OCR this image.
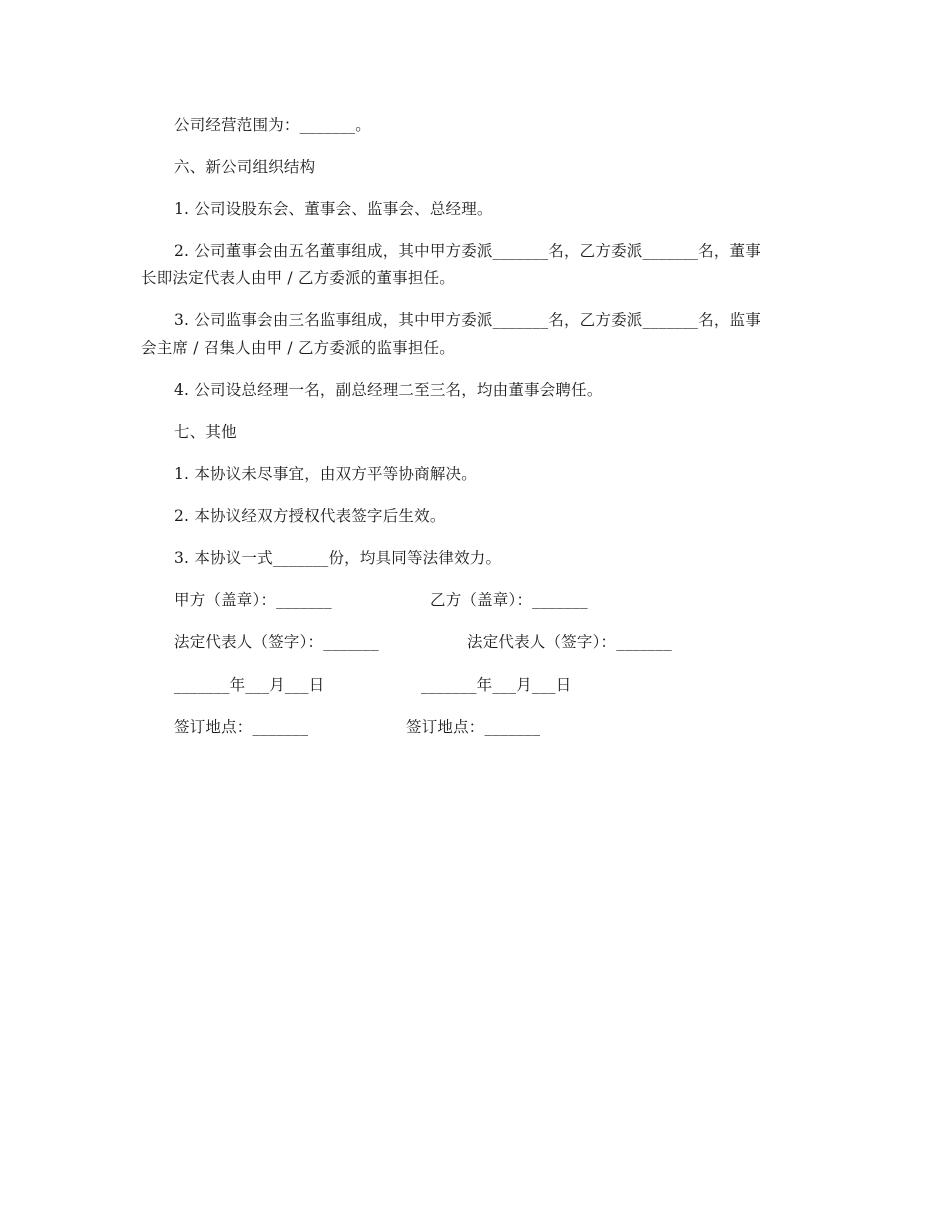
公司经营范围为：_______。
六、新公司组织结构
1. 公司设股东会、董事会、监事会、总经理。
2. 公司董事会由五名董事组成，其中甲方委派_______名，乙方委派_______名，董事
长即法定代表人由甲 / 乙方委派的董事担任。
3. 公司监事会由三名监事组成，其中甲方委派_______名，乙方委派_______名，监事
会主席 / 召集人由甲 / 乙方委派的监事担任。
4. 公司设总经理一名，副总经理二至三名，均由董事会聘任。
七、其他
1. 本协议未尽事宜，由双方平等协商解决。
2. 本协议经双方授权代表签字后生效。
3. 本协议一式_______份，均具同等法律效力。
甲方（盖章）：_______	乙方（盖章）：_______
法定代表人（签字）：_______	法定代表人（签字）：_______
_______年___月___日	_______年___月___日
签订地点：_______	签订地点：_______
